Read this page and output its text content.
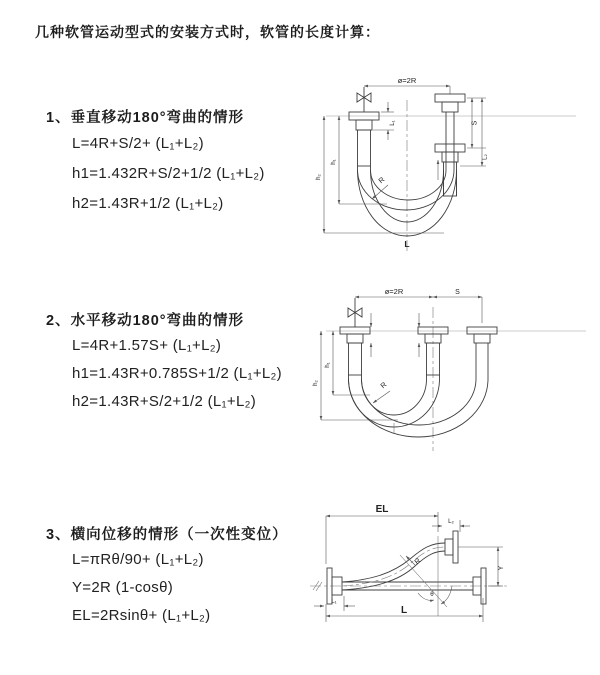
几种软管运动型式的安装方式时，软管的长度计算：
1、垂直移动180°弯曲的情形
L=4R+S/2+ (L₁+L₂)
h1=1.432R+S/2+1/2 (L₁+L₂)
h2=1.43R+1/2 (L₁+L₂)
2、水平移动180°弯曲的情形
L=4R+1.57S+ (L₁+L₂)
h1=1.43R+0.785S+1/2 (L₁+L₂)
h2=1.43R+S/2+1/2 (L₁+L₂)
3、横向位移的情形（一次性变位）
L=πRθ/90+ (L₁+L₂)
Y=2R (1-cosθ)
EL=2Rsinθ+ (L₁+L₂)
ø=2R
L₁	S
L₂
h₁
h₂	R
L
ø=2R	S
h₁
h₂	R
EL
L₂
Y
θ
R
L
L₁
